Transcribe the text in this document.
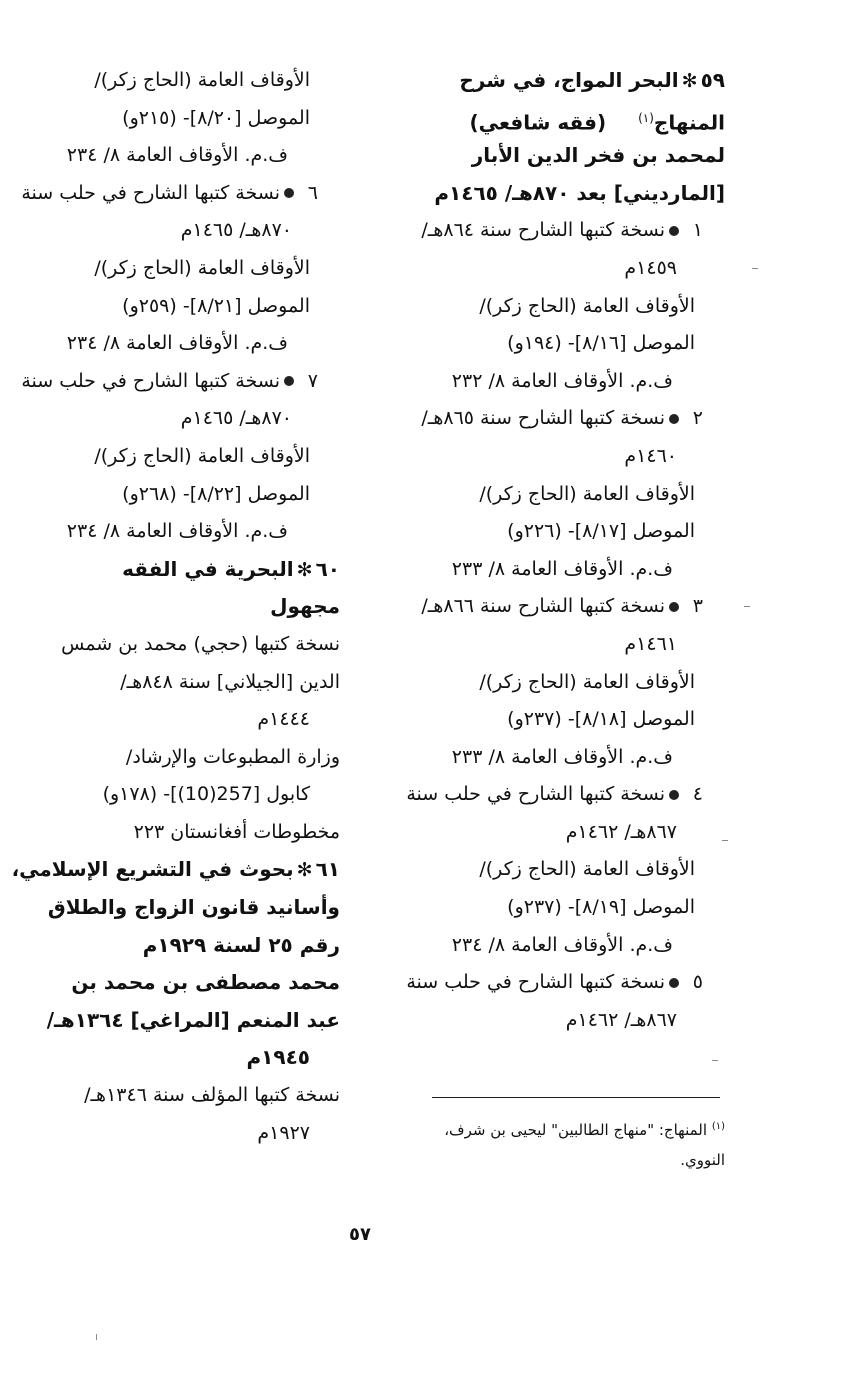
٥٩✻البحر المواج، في شرح
المنهاج$^{(١)}$  (فقه شافعي)
لمحمد بن فخر الدين الأبار
[الماردیني] بعد ٨٧٠هـ/ ١٤٦٥م
١نسخة كتبها الشارح سنة ٨٦٤هـ/
١٤٥٩م
الأوقاف العامة (الحاج زكر)/
الموصل [٨/١٦]- (١٩٤و)
ف.م. الأوقاف العامة ٨/ ٢٣٢
٢نسخة كتبها الشارح سنة ٨٦٥هـ/
١٤٦٠م
الأوقاف العامة (الحاج زكر)/
الموصل [٨/١٧]- (٢٢٦و)
ف.م. الأوقاف العامة ٨/ ٢٣٣
٣نسخة كتبها الشارح سنة ٨٦٦هـ/
١٤٦١م
الأوقاف العامة (الحاج زكر)/
الموصل [٨/١٨]- (٢٣٧و)
ف.م. الأوقاف العامة ٨/ ٢٣٣
٤نسخة كتبها الشارح في حلب سنة
٨٦٧هـ/ ١٤٦٢م
الأوقاف العامة (الحاج زكر)/
الموصل [٨/١٩]- (٢٣٧و)
ف.م. الأوقاف العامة ٨/ ٢٣٤
٥نسخة كتبها الشارح في حلب سنة
٨٦٧هـ/ ١٤٦٢م
الأوقاف العامة (الحاج زكر)/
الموصل [٨/٢٠]- (٢١٥و)
ف.م. الأوقاف العامة ٨/ ٢٣٤
٦نسخة كتبها الشارح في حلب سنة
٨٧٠هـ/ ١٤٦٥م
الأوقاف العامة (الحاج زكر)/
الموصل [٨/٢١]- (٢٥٩و)
ف.م. الأوقاف العامة ٨/ ٢٣٤
٧نسخة كتبها الشارح في حلب سنة
٨٧٠هـ/ ١٤٦٥م
الأوقاف العامة (الحاج زكر)/
الموصل [٨/٢٢]- (٢٦٨و)
ف.م. الأوقاف العامة ٨/ ٢٣٤
٦٠✻البحرية في الفقه
مجهول
نسخة كتبها (حجي) محمد بن شمس
الدين [الجيلاني] سنة ٨٤٨هـ/
١٤٤٤م
وزارة المطبوعات والإرشاد/
كابول [257(10)]- (١٧٨و)
مخطوطات أفغانستان ٢٢٣
٦١✻بحوث في التشريع الإسلامي،
وأسانيد قانون الزواج والطلاق
رقم ٢٥ لسنة ١٩٢٩م
محمد مصطفى بن محمد بن
عبد المنعم [المراغي] ١٣٦٤هـ/
١٩٤٥م
نسخة كتبها المؤلف سنة ١٣٤٦هـ/
١٩٢٧م	$^{(١)}$ المنهاج: "منهاج الطالبين" ليحيى بن شرف،
النووي.
٥٧
